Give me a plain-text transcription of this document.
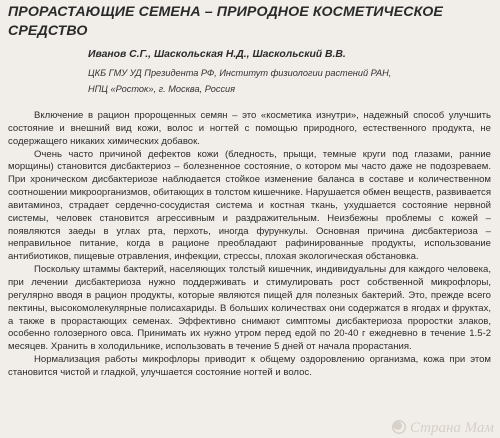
ПРОРАСТАЮЩИЕ СЕМЕНА – ПРИРОДНОЕ КОСМЕТИЧЕСКОЕ СРЕДСТВО
Иванов С.Г., Шаскольская Н.Д., Шаскольский В.В.
ЦКБ ГМУ УД Президента РФ, Институт физиологии растений РАН,
НПЦ «Росток», г. Москва, Россия

Включение в рацион пророщенных семян – это «косметика изнутри», надежный способ улучшить состояние и внешний вид кожи, волос и ногтей с помощью природного, естественного продукта, не содержащего никаких химических добавок.

Очень часто причиной дефектов кожи (бледность, прыщи, темные круги под глазами, ранние морщины) становится дисбактериоз – болезненное состояние, о котором мы часто даже не подозреваем. При хроническом дисбактериозе наблюдается стойкое изменение баланса в составе и количественном соотношении микроорганизмов, обитающих в толстом кишечнике. Нарушается обмен веществ, развивается авитаминоз, страдает сердечно-сосудистая система и костная ткань, ухудшается состояние нервной системы, человек становится агрессивным и раздражительным. Неизбежны проблемы с кожей – появляются заеды в углах рта, перхоть, иногда фурункулы. Основная причина дисбактериоза – неправильное питание, когда в рационе преобладают рафинированные продукты, использование антибиотиков, пищевые отравления, инфекции, стрессы, плохая экологическая обстановка.

Поскольку штаммы бактерий, населяющих толстый кишечник, индивидуальны для каждого человека, при лечении дисбактериоза нужно поддерживать и стимулировать рост собственной микрофлоры, регулярно вводя в рацион продукты, которые являются пищей для полезных бактерий. Это, прежде всего пектины, высокомолекулярные полисахариды. В больших количествах они содержатся в ягодах и фруктах, а также в прорастающих семенах. Эффективно снимают симптомы дисбактериоза проростки злаков, особенно голозерного овса. Принимать их нужно утром перед едой по 20-40 г ежедневно в течение 1.5-2 месяцев. Хранить в холодильнике, использовать в течение 5 дней от начала прорастания.

Нормализация работы микрофлоры приводит к общему оздоровлению организма, кожа при этом становится чистой и гладкой, улучшается состояние ногтей и волос.

Страна Мам
